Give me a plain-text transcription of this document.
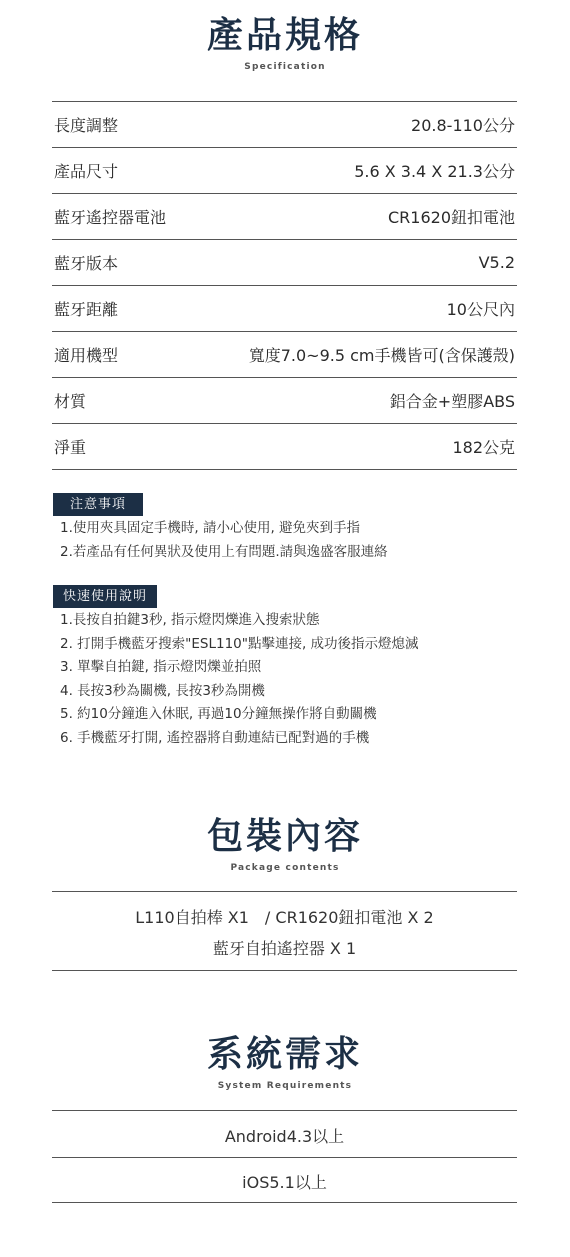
產品規格
Specification
長度調整	20.8-110公分
產品尺寸	5.6 X 3.4 X 21.3公分
藍牙遙控器電池	CR1620鈕扣電池
藍牙版本	V5.2
藍牙距離	10公尺內
適用機型	寬度7.0~9.5 cm手機皆可(含保護殼)
材質	鋁合金+塑膠ABS
淨重	182公克
注意事項
1.使用夾具固定手機時, 請小心使用, 避免夾到手指
2.若產品有任何異狀及使用上有問題.請與逸盛客服連絡
快速使用說明
1.長按自拍鍵3秒, 指示燈閃爍進入搜索狀態
2. 打開手機藍牙搜索"ESL110"點擊連接, 成功後指示燈熄滅
3. 單擊自拍鍵, 指示燈閃爍並拍照
4. 長按3秒為關機, 長按3秒為開機
5. 約10分鐘進入休眠, 再過10分鐘無操作將自動關機
6. 手機藍牙打開, 遙控器將自動連結已配對過的手機
包裝內容
Package contents
L110自拍棒 X1　/ CR1620鈕扣電池 X 2
藍牙自拍遙控器 X 1
系統需求
System Requirements
Android4.3以上
iOS5.1以上
